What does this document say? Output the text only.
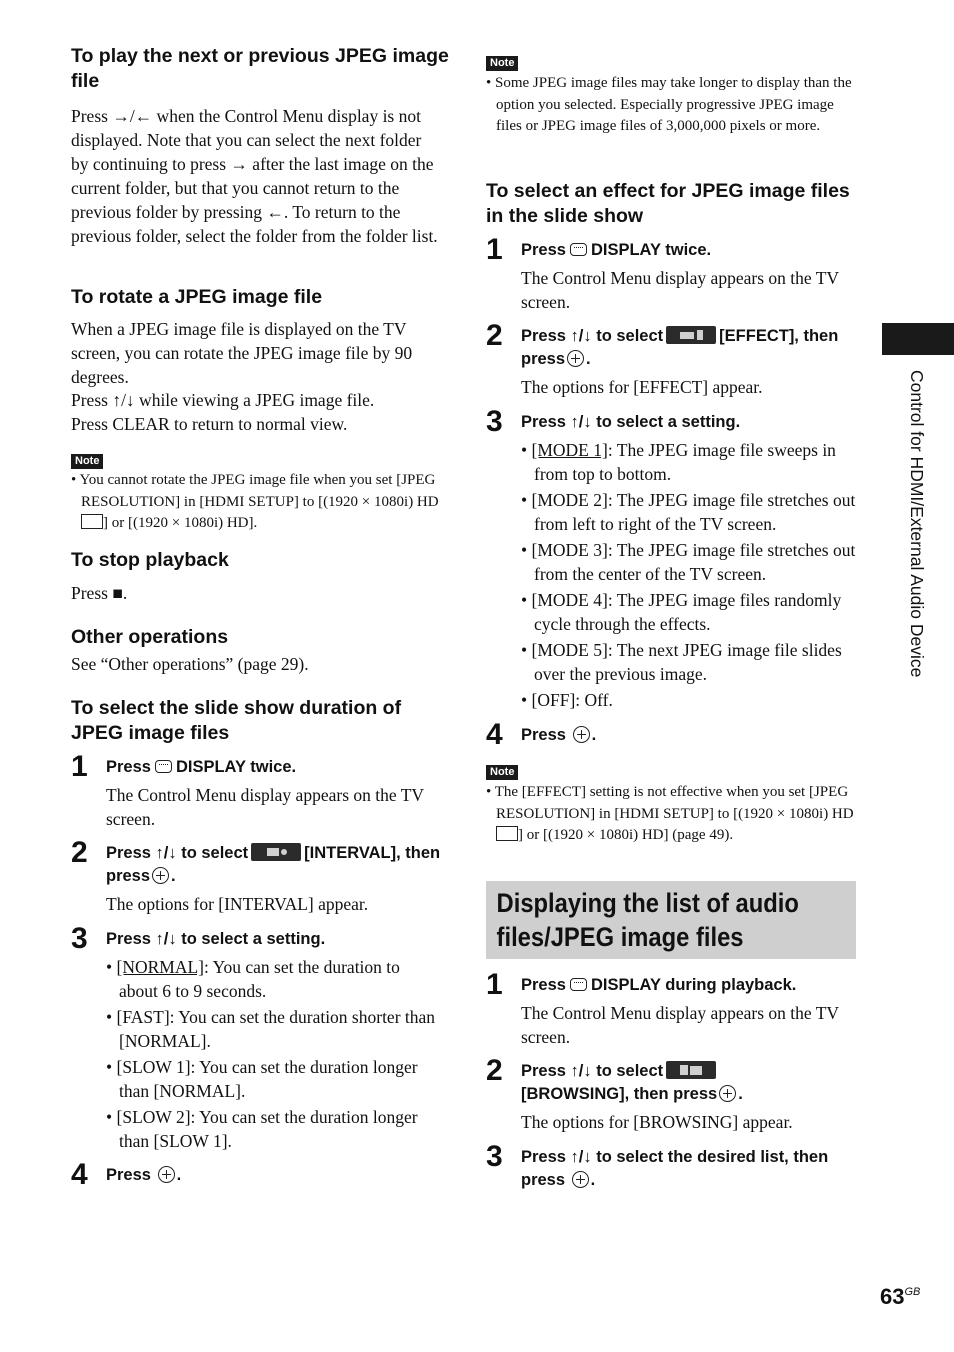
To play the next or previous JPEG image file

Press →/← when the Control Menu display is not displayed. Note that you can select the next folder by continuing to press → after the last image on the current folder, but that you cannot return to the previous folder by pressing ←. To return to the previous folder, select the folder from the folder list.

To rotate a JPEG image file

When a JPEG image file is displayed on the TV screen, you can rotate the JPEG image file by 90 degrees.

Press ↑/↓ while viewing a JPEG image file.

Press CLEAR to return to normal view.

Note
• You cannot rotate the JPEG image file when you set [JPEG RESOLUTION] in [HDMI SETUP] to [(1920 × 1080i) HD ] or [(1920 × 1080i) HD].
To stop playback

Press ■.

Other operations

See “Other operations” (page 29).

To select the slide show duration of JPEG image files
1 Press DISPLAY twice.
The Control Menu display appears on the TV screen.
2 Press ↑/↓ to select	[INTERVAL], then press .
The options for [INTERVAL] appear.
3 Press ↑/↓ to select a setting.
• [NORMAL]: You can set the duration to about 6 to 9 seconds.
• [FAST]: You can set the duration shorter than [NORMAL].
• [SLOW 1]: You can set the duration longer than [NORMAL].
• [SLOW 2]: You can set the duration longer than [SLOW 1].
4 Press .
Note
• Some JPEG image files may take longer to display than the option you selected. Especially progressive JPEG image files or JPEG image files of 3,000,000 pixels or more.
To select an effect for JPEG image files in the slide show
1 Press DISPLAY twice.
The Control Menu display appears on the TV screen.
2 Press ↑/↓ to select	[EFFECT], then press .
The options for [EFFECT] appear.
3 Press ↑/↓ to select a setting.
• [MODE 1]: The JPEG image file sweeps in from top to bottom.
• [MODE 2]: The JPEG image file stretches out from left to right of the TV screen.
• [MODE 3]: The JPEG image file stretches out from the center of the TV screen.
• [MODE 4]: The JPEG image files randomly cycle through the effects.
• [MODE 5]: The next JPEG image file slides over the previous image.
• [OFF]: Off.
4 Press .
Note
• The [EFFECT] setting is not effective when you set [JPEG RESOLUTION] in [HDMI SETUP] to [(1920 × 1080i) HD ] or [(1920 × 1080i) HD] (page 49).
1 Press DISPLAY during playback.
The Control Menu display appears on the TV screen.
2 Press ↑/↓ to select
[BROWSING], then press .
The options for [BROWSING] appear.
3 Press ↑/↓ to select the desired list, then press .
Displaying the list of audio files/JPEG image files
Control for HDMI/External Audio Device
$63^{GB}$
